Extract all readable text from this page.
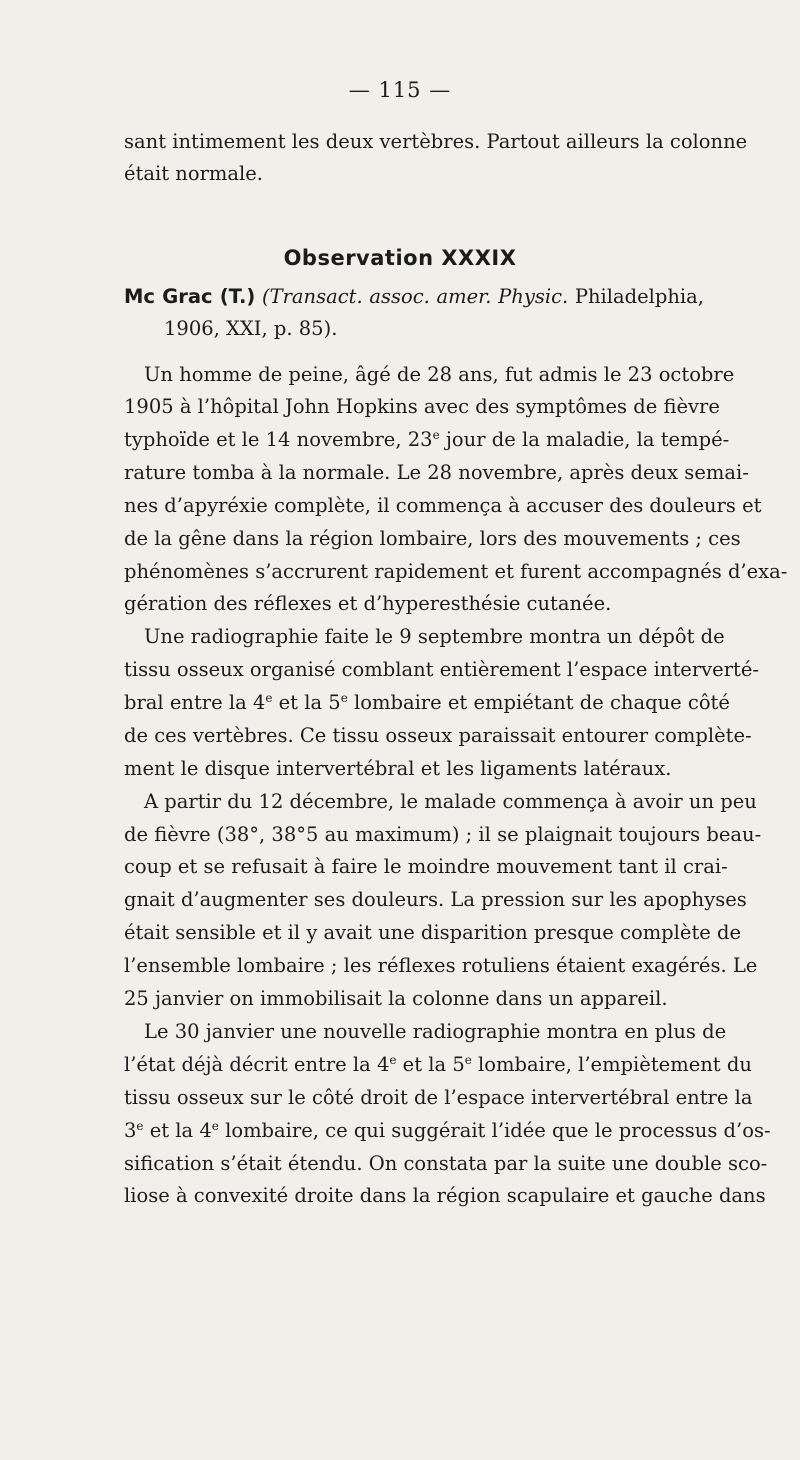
— 115 —
sant intimement les deux vertèbres. Partout ailleurs la colonne
était normale.
Observation XXXIX
Mc Grac (T.) (Transact. assoc. amer. Physic. Philadelphia,
1906, XXI, p. 85).
Un homme de peine, âgé de 28 ans, fut admis le 23 octobre
1905 à l’hôpital John Hopkins avec des symptômes de fièvre
typhoïde et le 14 novembre, 23e jour de la maladie, la tempé-
rature tomba à la normale. Le 28 novembre, après deux semai-
nes d’apyréxie complète, il commença à accuser des douleurs et
de la gêne dans la région lombaire, lors des mouvements ; ces
phénomènes s’accrurent rapidement et furent accompagnés d’exa-
gération des réflexes et d’hyperesthésie cutanée.
Une radiographie faite le 9 septembre montra un dépôt de
tissu osseux organisé comblant entièrement l’espace interverté-
bral entre la 4e et la 5e lombaire et empiétant de chaque côté
de ces vertèbres. Ce tissu osseux paraissait entourer complète-
ment le disque intervertébral et les ligaments latéraux.
A partir du 12 décembre, le malade commença à avoir un peu
de fièvre (38°, 38°5 au maximum) ; il se plaignait toujours beau-
coup et se refusait à faire le moindre mouvement tant il crai-
gnait d’augmenter ses douleurs. La pression sur les apophyses
était sensible et il y avait une disparition presque complète de
l’ensemble lombaire ; les réflexes rotuliens étaient exagérés. Le
25 janvier on immobilisait la colonne dans un appareil.
Le 30 janvier une nouvelle radiographie montra en plus de
l’état déjà décrit entre la 4e et la 5e lombaire, l’empiètement du
tissu osseux sur le côté droit de l’espace intervertébral entre la
3e et la 4e lombaire, ce qui suggérait l’idée que le processus d’os-
sification s’était étendu. On constata par la suite une double sco-
liose à convexité droite dans la région scapulaire et gauche dans
